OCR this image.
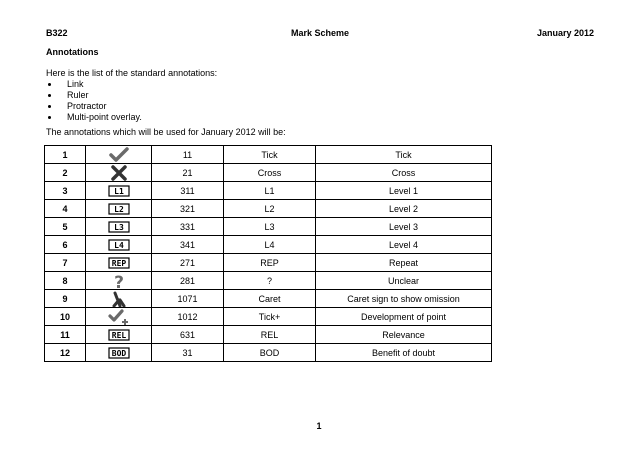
B322	Mark Scheme	January 2012
Annotations
Here is the list of the standard annotations:
Link
Ruler
Protractor
Multi-point overlay.
The annotations which will be used for January 2012 will be:
1		11	Tick	Tick
2		21	Cross	Cross
3	L1	311	L1	Level 1
4	L2	321	L2	Level 2
5	L3	331	L3	Level 3
6	L4	341	L4	Level 4
7	REP	271	REP	Repeat
8	?	281	?	Unclear
9		1071	Caret	Caret sign to show omission
10		1012	Tick+	Development of point
11	REL	631	REL	Relevance
12	BOD	31	BOD	Benefit of doubt
1
